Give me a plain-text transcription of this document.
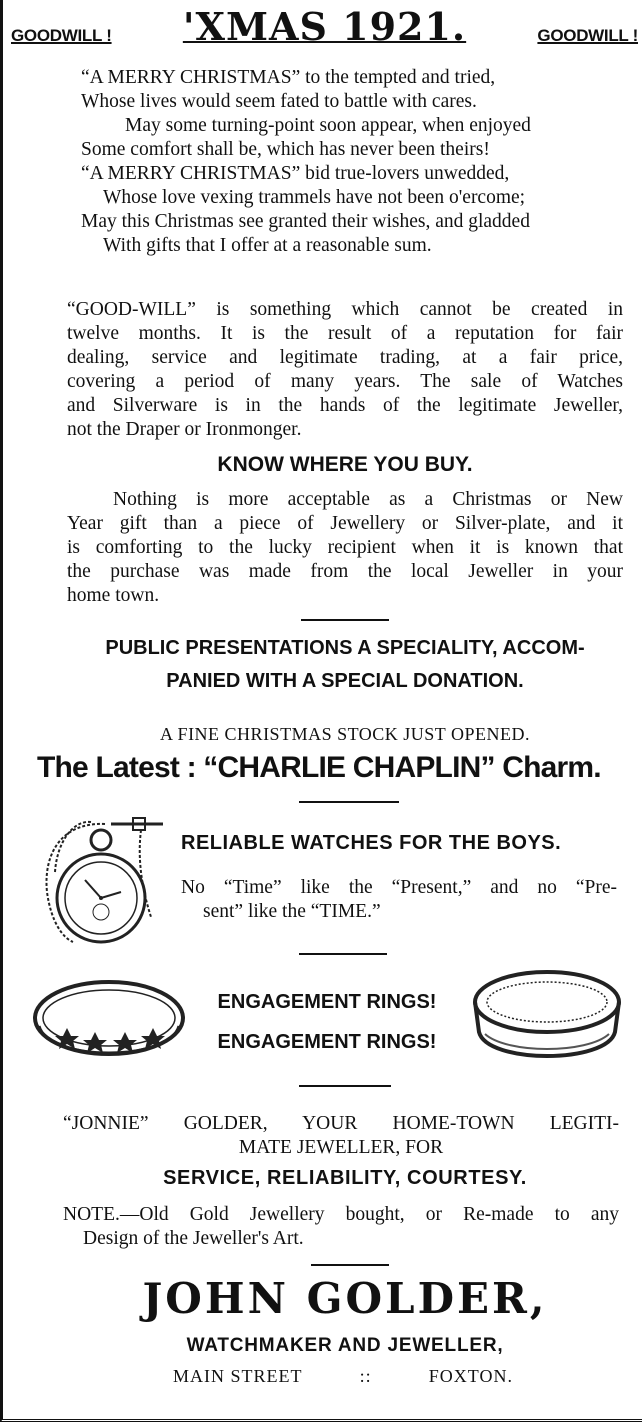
GOODWILL ! 'XMAS 1921.	GOODWILL !
“A MERRY CHRISTMAS” to the tempted and tried,
Whose lives would seem fated to battle with cares.
May some turning-point soon appear, when enjoyed
Some comfort shall be, which has never been theirs!
“A MERRY CHRISTMAS” bid true-lovers unwedded,
Whose love vexing trammels have not been o'ercome;
May this Christmas see granted their wishes, and gladded
With gifts that I offer at a reasonable sum.
“GOOD-WILL” is something which cannot be created in
twelve months. It is the result of a reputation for fair
dealing, service and legitimate trading, at a fair price,
covering a period of many years. The sale of Watches
and Silverware is in the hands of the legitimate Jeweller,
not the Draper or Ironmonger.
KNOW WHERE YOU BUY.
Nothing is more acceptable as a Christmas or New
Year gift than a piece of Jewellery or Silver-plate, and it
is comforting to the lucky recipient when it is known that
the purchase was made from the local Jeweller in your
home town.
PUBLIC PRESENTATIONS A SPECIALITY, ACCOM-
PANIED WITH A SPECIAL DONATION.
A FINE CHRISTMAS STOCK JUST OPENED.
The Latest : “CHARLIE CHAPLIN” Charm.
RELIABLE WATCHES FOR THE BOYS.
No “Time” like the “Present,” and no “Pre-
sent” like the “TIME.”
ENGAGEMENT RINGS!
ENGAGEMENT RINGS!
“JONNIE” GOLDER, YOUR HOME-TOWN LEGITI-
MATE JEWELLER, FOR
SERVICE, RELIABILITY, COURTESY.
NOTE.—Old Gold Jewellery bought, or Re-made to any
Design of the Jeweller's Art.
JOHN GOLDER,
WATCHMAKER AND JEWELLER,
MAIN STREET	::	FOXTON.
